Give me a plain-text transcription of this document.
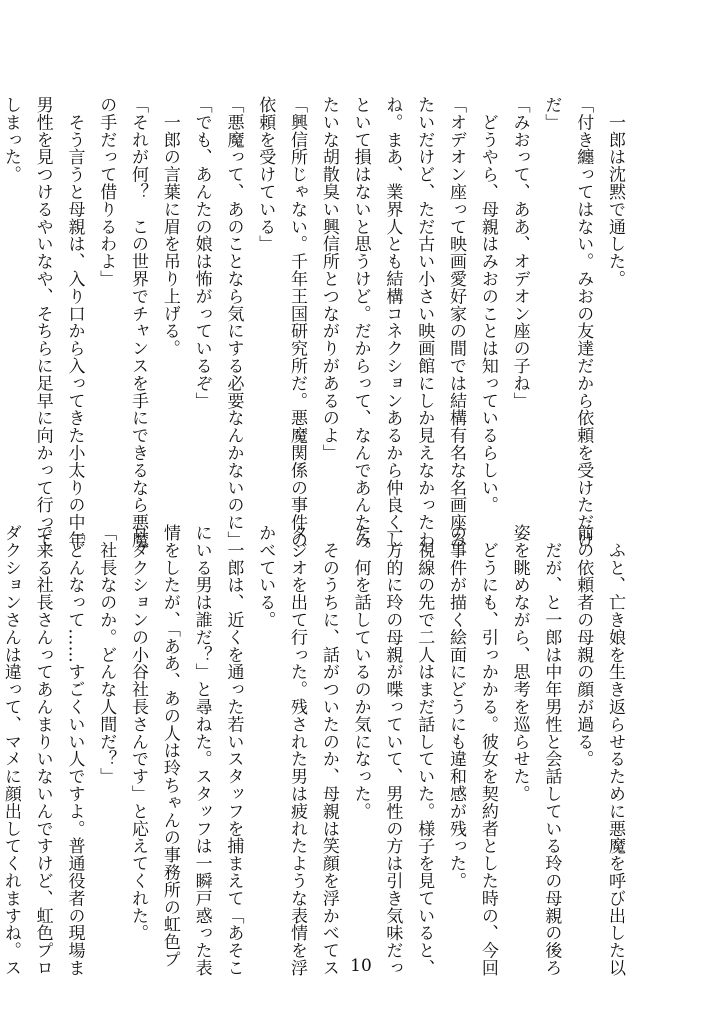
　一郎は沈黙で通した。

「付き纏ってはない。みおの友達だから依頼を受けただけ

だ」

「みおって、ああ、オデオン座の子ね」

　どうやら、母親はみおのことは知っているらしい。

「オデオン座って映画愛好家の間では結構有名な名画座み

たいだけど、ただ古い小さい映画館にしか見えなかったわ

ね。まあ、業界人とも結構コネクションあるから仲良くし

といて損はないと思うけど。だからって、なんであんたみ

たいな胡散臭い興信所とつながりがあるのよ」

「興信所じゃない。千年王国研究所だ。悪魔関係の事件の

依頼を受けている」

「悪魔って、あのことなら気にする必要なんかないのに」

「でも、あんたの娘は怖がっているぞ」

　一郎の言葉に眉を吊り上げる。

「それが何？　この世界でチャンスを手にできるなら悪魔

の手だって借りるわよ」

　そう言うと母親は、入り口から入ってきた小太りの中年

男性を見つけるやいなや、そちらに足早に向かって行って

しまった。

　ふと、亡き娘を生き返らせるために悪魔を呼び出した以

前の依頼者の母親の顔が過る。

　だが、と一郎は中年男性と会話している玲の母親の後ろ

姿を眺めながら、思考を巡らせた。

　どうにも、引っかかる。彼女を契約者とした時の、今回

の事件が描く絵面にどうにも違和感が残った。

　視線の先で二人はまだ話していた。様子を見ていると、

一方的に玲の母親が喋っていて、男性の方は引き気味だっ

た。何を話しているのか気になった。

　そのうちに、話がついたのか、母親は笑顔を浮かべてス

タジオを出て行った。残された男は疲れたような表情を浮

かべている。

　一郎は、近くを通った若いスタッフを捕まえて「あそこ

にいる男は誰だ？」と尋ねた。スタッフは一瞬戸惑った表

情をしたが、「ああ、あの人は玲ちゃんの事務所の虹色プ

ロダクションの小谷社長さんです」と応えてくれた。

「社長なのか。どんな人間だ？」

「どんなって……すごくいい人ですよ。普通役者の現場ま

で来る社長さんってあんまりいないんですけど、虹色プロ

ダクションさんは違って、マメに顔出してくれますね。ス	10
